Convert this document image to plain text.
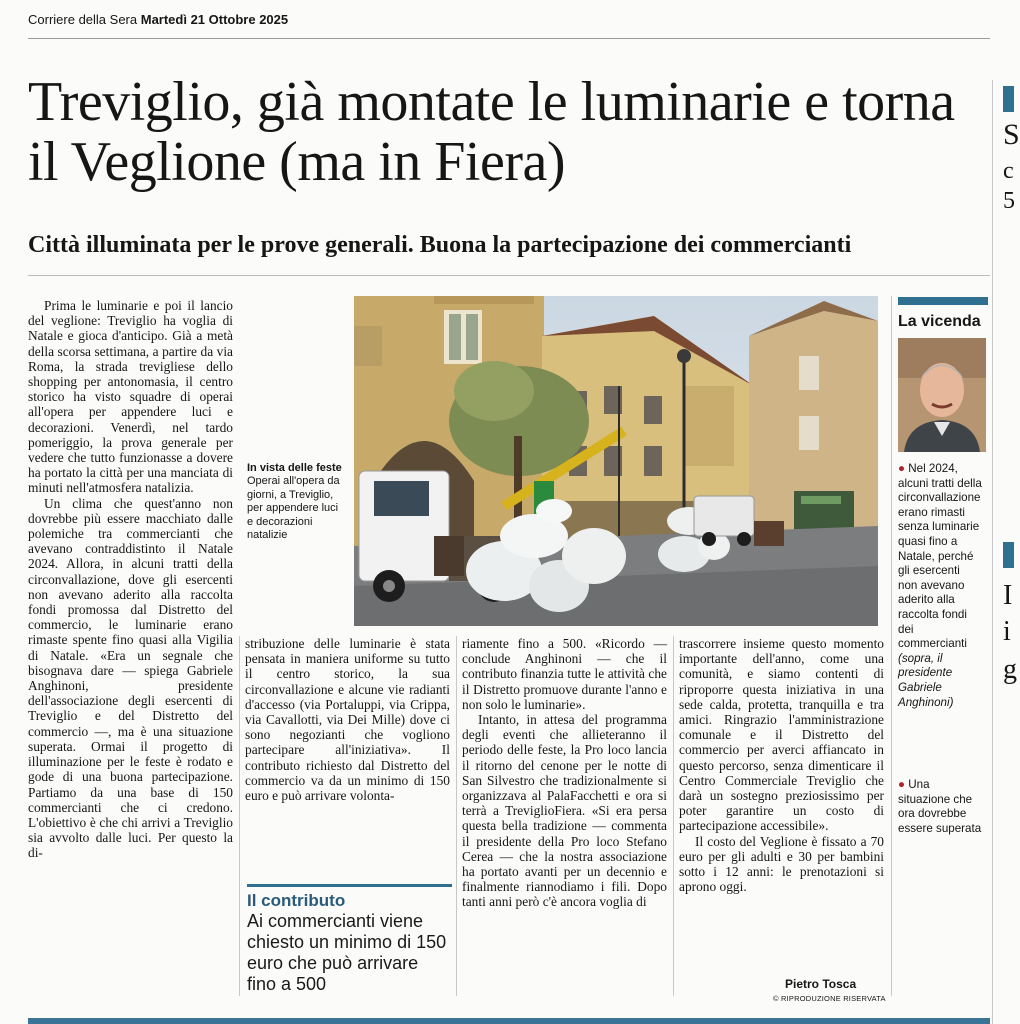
Corriere della Sera Martedì 21 Ottobre 2025
Treviglio, già montate le luminarie e torna il Veglione (ma in Fiera)
Città illuminata per le prove generali. Buona la partecipazione dei commercianti

Prima le luminarie e poi il lancio del veglione: Treviglio ha voglia di Natale e gioca d'anticipo. Già a metà della scorsa settimana, a partire da via Roma, la strada trevigliese dello shopping per antonomasia, il centro storico ha visto squadre di operai all'opera per appendere luci e decorazioni. Venerdì, nel tardo pomeriggio, la prova generale per vedere che tutto funzionasse a dovere ha portato la città per una manciata di minuti nell'atmosfera natalizia.

Un clima che quest'anno non dovrebbe più essere macchiato dalle polemiche tra commercianti che avevano contraddistinto il Natale 2024. Allora, in alcuni tratti della circonvallazione, dove gli esercenti non avevano aderito alla raccolta fondi promossa dal Distretto del commercio, le luminarie erano rimaste spente fino quasi alla Vigilia di Natale. «Era un segnale che bisognava dare — spiega Gabriele Anghinoni, presidente dell'associazione degli esercenti di Treviglio e del Distretto del commercio —, ma è una situazione superata. Ormai il progetto di illuminazione per le feste è rodato e gode di una buona partecipazione. Partiamo da una base di 150 commercianti che ci credono. L'obiettivo è che chi arrivi a Treviglio sia avvolto dalle luci. Per questo la di-

In vista delle feste
Operai all'opera da giorni, a Treviglio, per appendere luci e decorazioni natalizie

stribuzione delle luminarie è stata pensata in maniera uniforme su tutto il centro storico, la sua circonvallazione e alcune vie radianti d'accesso (via Portaluppi, via Crippa, via Cavallotti, via Dei Mille) dove ci sono negozianti che vogliono partecipare all'iniziativa». Il contributo richiesto dal Distretto del commercio va da un minimo di 150 euro e può arrivare volonta-

Il contributo
Ai commercianti viene chiesto un minimo di 150 euro che può arrivare fino a 500

riamente fino a 500. «Ricordo — conclude Anghinoni — che il contributo finanzia tutte le attività che il Distretto promuove durante l'anno e non solo le luminarie».

Intanto, in attesa del programma degli eventi che allieteranno il periodo delle feste, la Pro loco lancia il ritorno del cenone per le notte di San Silvestro che tradizionalmente si organizzava al PalaFacchetti e ora si terrà a TreviglioFiera. «Si era persa questa bella tradizione — commenta il presidente della Pro loco Stefano Cerea — che la nostra associazione ha portato avanti per un decennio e finalmente riannodiamo i fili. Dopo tanti anni però c'è ancora voglia di

trascorrere insieme questo momento importante dell'anno, come una comunità, e siamo contenti di riproporre questa iniziativa in una sede calda, protetta, tranquilla e tra amici. Ringrazio l'amministrazione comunale e il Distretto del commercio per averci affiancato in questo percorso, senza dimenticare il Centro Commerciale Treviglio che darà un sostegno preziosissimo per poter garantire un costo di partecipazione accessibile».

Il costo del Veglione è fissato a 70 euro per gli adulti e 30 per bambini sotto i 12 anni: le prenotazioni si aprono oggi.

Pietro Tosca
© RIPRODUZIONE RISERVATA
La vicenda
● Nel 2024, alcuni tratti della circonvallazione erano rimasti senza luminarie quasi fino a Natale, perché gli esercenti non avevano aderito alla raccolta fondi dei commercianti (sopra, il presidente Gabriele Anghinoni)
● Una situazione che ora dovrebbe essere superata
S
c
5
I
i
g
